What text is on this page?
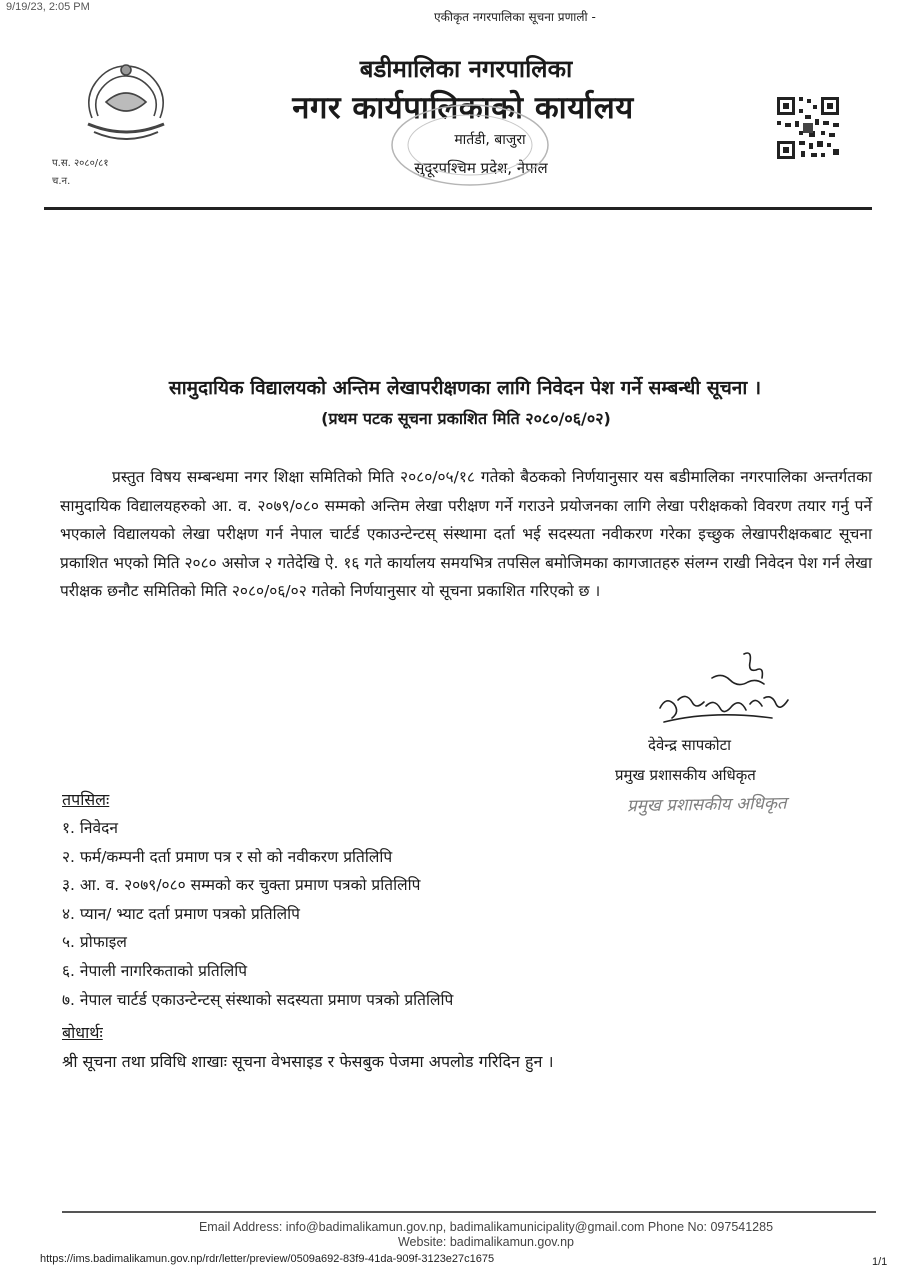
9/19/23, 2:05 PM
एकीकृत नगरपालिका सूचना प्रणाली -
प.स. २०८०/८१
च.न.
बडीमालिका नगरपालिका
नगर कार्यपालिकाको कार्यालय
मार्तडी, बाजुरा
सुदूरपश्चिम प्रदेश, नेपाल
सामुदायिक विद्यालयको अन्तिम लेखापरीक्षणका लागि निवेदन पेश गर्ने सम्बन्धी सूचना ।
(प्रथम पटक सूचना प्रकाशित मिति २०८०/०६/०२)
प्रस्तुत विषय सम्बन्धमा नगर शिक्षा समितिको मिति २०८०/०५/१८ गतेको बैठकको निर्णयानुसार यस बडीमालिका नगरपालिका अन्तर्गतका सामुदायिक विद्यालयहरुको आ. व. २०७९/०८० सम्मको अन्तिम लेखा परीक्षण गर्ने गराउने प्रयोजनका लागि लेखा परीक्षकको विवरण तयार गर्नु पर्ने भएकाले विद्यालयको लेखा परीक्षण गर्न नेपाल चार्टर्ड एकाउन्टेन्टस् संस्थामा दर्ता भई सदस्यता नवीकरण गरेका इच्छुक लेखापरीक्षकबाट सूचना प्रकाशित भएको मिति २०८० असोज २ गतेदेखि ऐ. १६ गते कार्यालय समयभित्र तपसिल बमोजिमका कागजातहरु संलग्न राखी निवेदन पेश गर्न लेखा परीक्षक छनौट समितिको मिति २०८०/०६/०२ गतेको निर्णयानुसार यो सूचना प्रकाशित गरिएको छ ।
देवेन्द्र सापकोटा
प्रमुख प्रशासकीय अधिकृत
प्रमुख प्रशासकीय अधिकृत
तपसिलः
१. निवेदन
२. फर्म/कम्पनी दर्ता प्रमाण पत्र र सो को नवीकरण प्रतिलिपि
३. आ. व. २०७९/०८० सम्मको कर चुक्ता प्रमाण पत्रको प्रतिलिपि
४. प्यान/ भ्याट दर्ता प्रमाण पत्रको प्रतिलिपि
५. प्रोफाइल
६. नेपाली नागरिकताको प्रतिलिपि
७. नेपाल चार्टर्ड एकाउन्टेन्टस् संस्थाको सदस्यता प्रमाण पत्रको प्रतिलिपि
बोधार्थः
श्री सूचना तथा प्रविधि शाखाः सूचना वेभसाइड र फेसबुक पेजमा अपलोड गरिदिन हुन ।
Email Address: info@badimalikamun.gov.np, badimalikamunicipality@gmail.com Phone No: 097541285
Website: badimalikamun.gov.np
https://ims.badimalikamun.gov.np/rdr/letter/preview/0509a692-83f9-41da-909f-3123e27c1675	1/1
